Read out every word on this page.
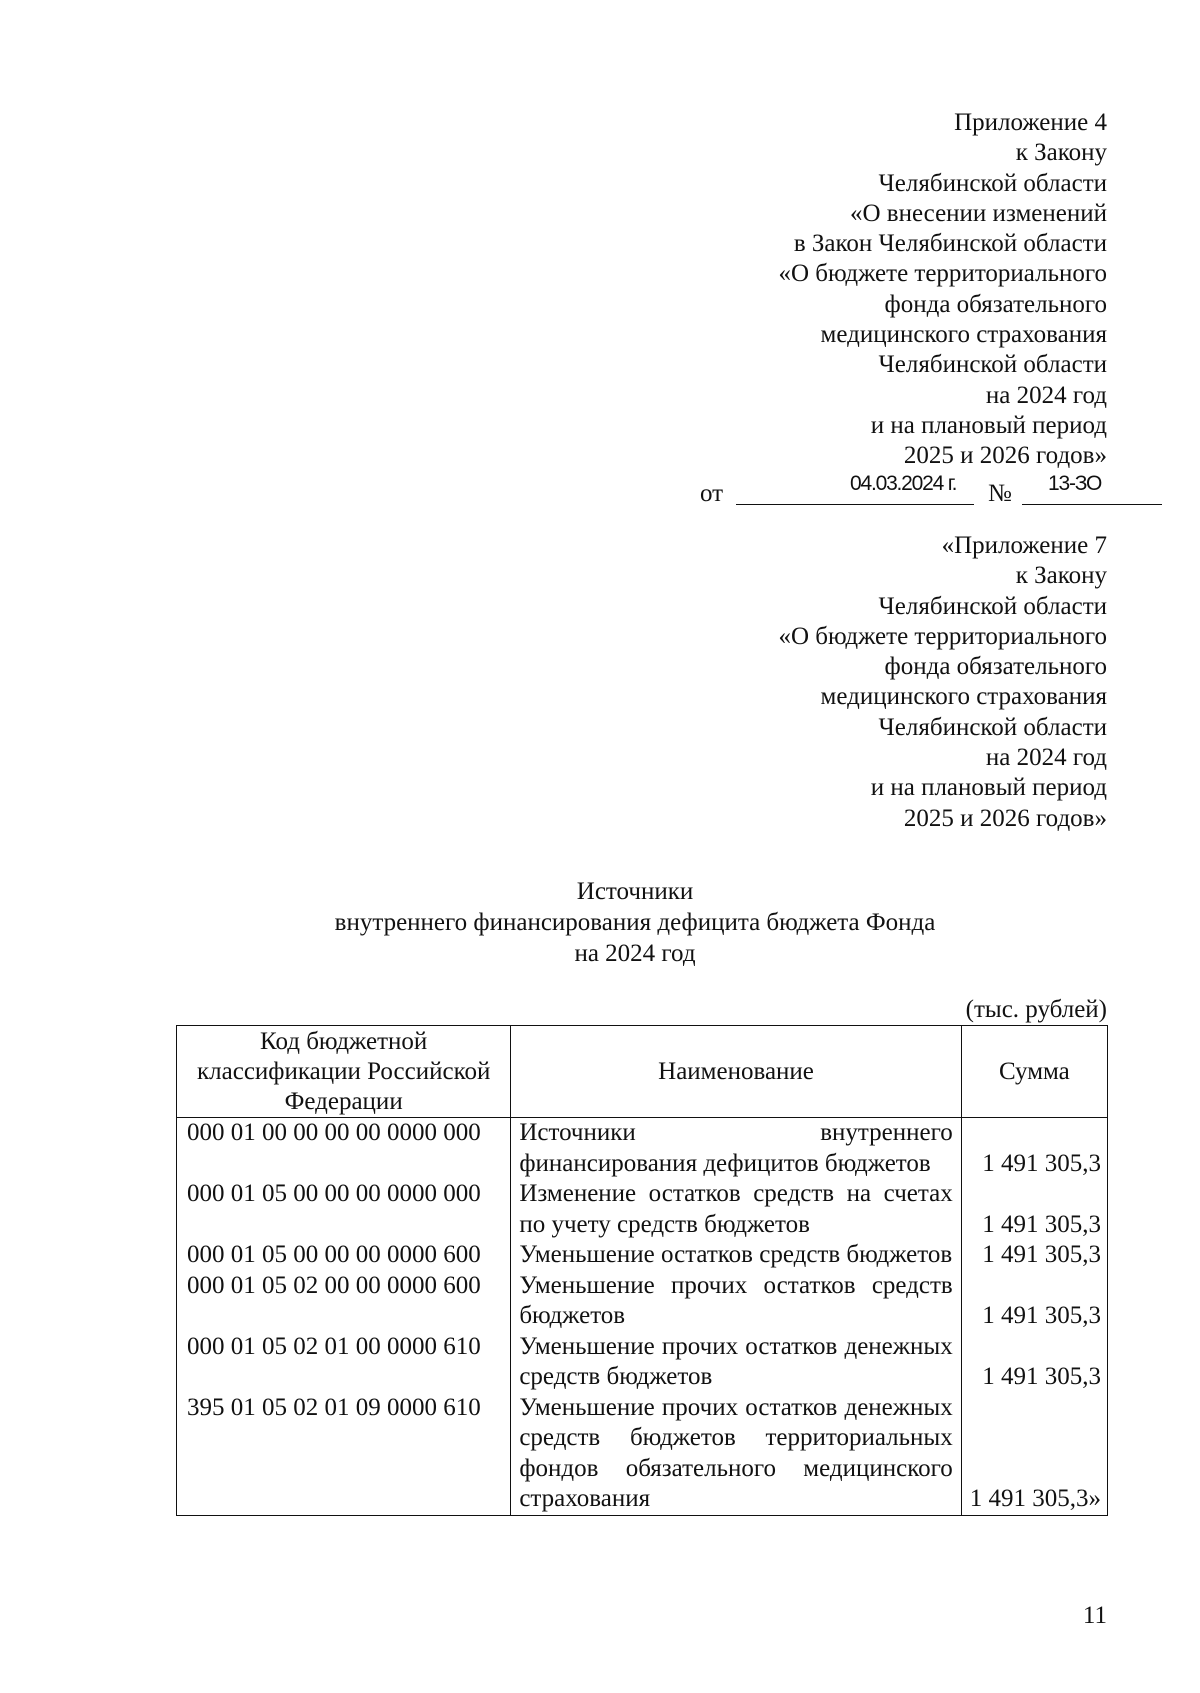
Приложение 4
к Закону
Челябинской области
«О внесении изменений
в Закон Челябинской области
«О бюджете территориального
фонда обязательного
медицинского страхования
Челябинской области
на 2024 год
и на плановый период
2025 и 2026 годов»
от	04.03.2024 г. № 13-ЗО
«Приложение 7
к Закону
Челябинской области
«О бюджете территориального
фонда обязательного
медицинского страхования
Челябинской области
на 2024 год
и на плановый период
2025 и 2026 годов»
Источники
внутреннего финансирования дефицита бюджета Фонда
на 2024 год
(тыс. рублей)
Код бюджетной классификации Российской Федерации	Наименование	Сумма
000 01 00 00 00 00 0000 000	Источники внутреннего финансирования дефицитов бюджетов	1 491 305,3
000 01 05 00 00 00 0000 000	Изменение остатков средств на счетах по учету средств бюджетов	1 491 305,3
000 01 05 00 00 00 0000 600	Уменьшение остатков средств бюджетов	1 491 305,3
000 01 05 02 00 00 0000 600	Уменьшение прочих остатков средств бюджетов	1 491 305,3
000 01 05 02 01 00 0000 610	Уменьшение прочих остатков денежных средств бюджетов	1 491 305,3
395 01 05 02 01 09 0000 610	Уменьшение прочих остатков денежных средств бюджетов территориальных фондов обязательного медицинского страхования	1 491 305,3»
11
